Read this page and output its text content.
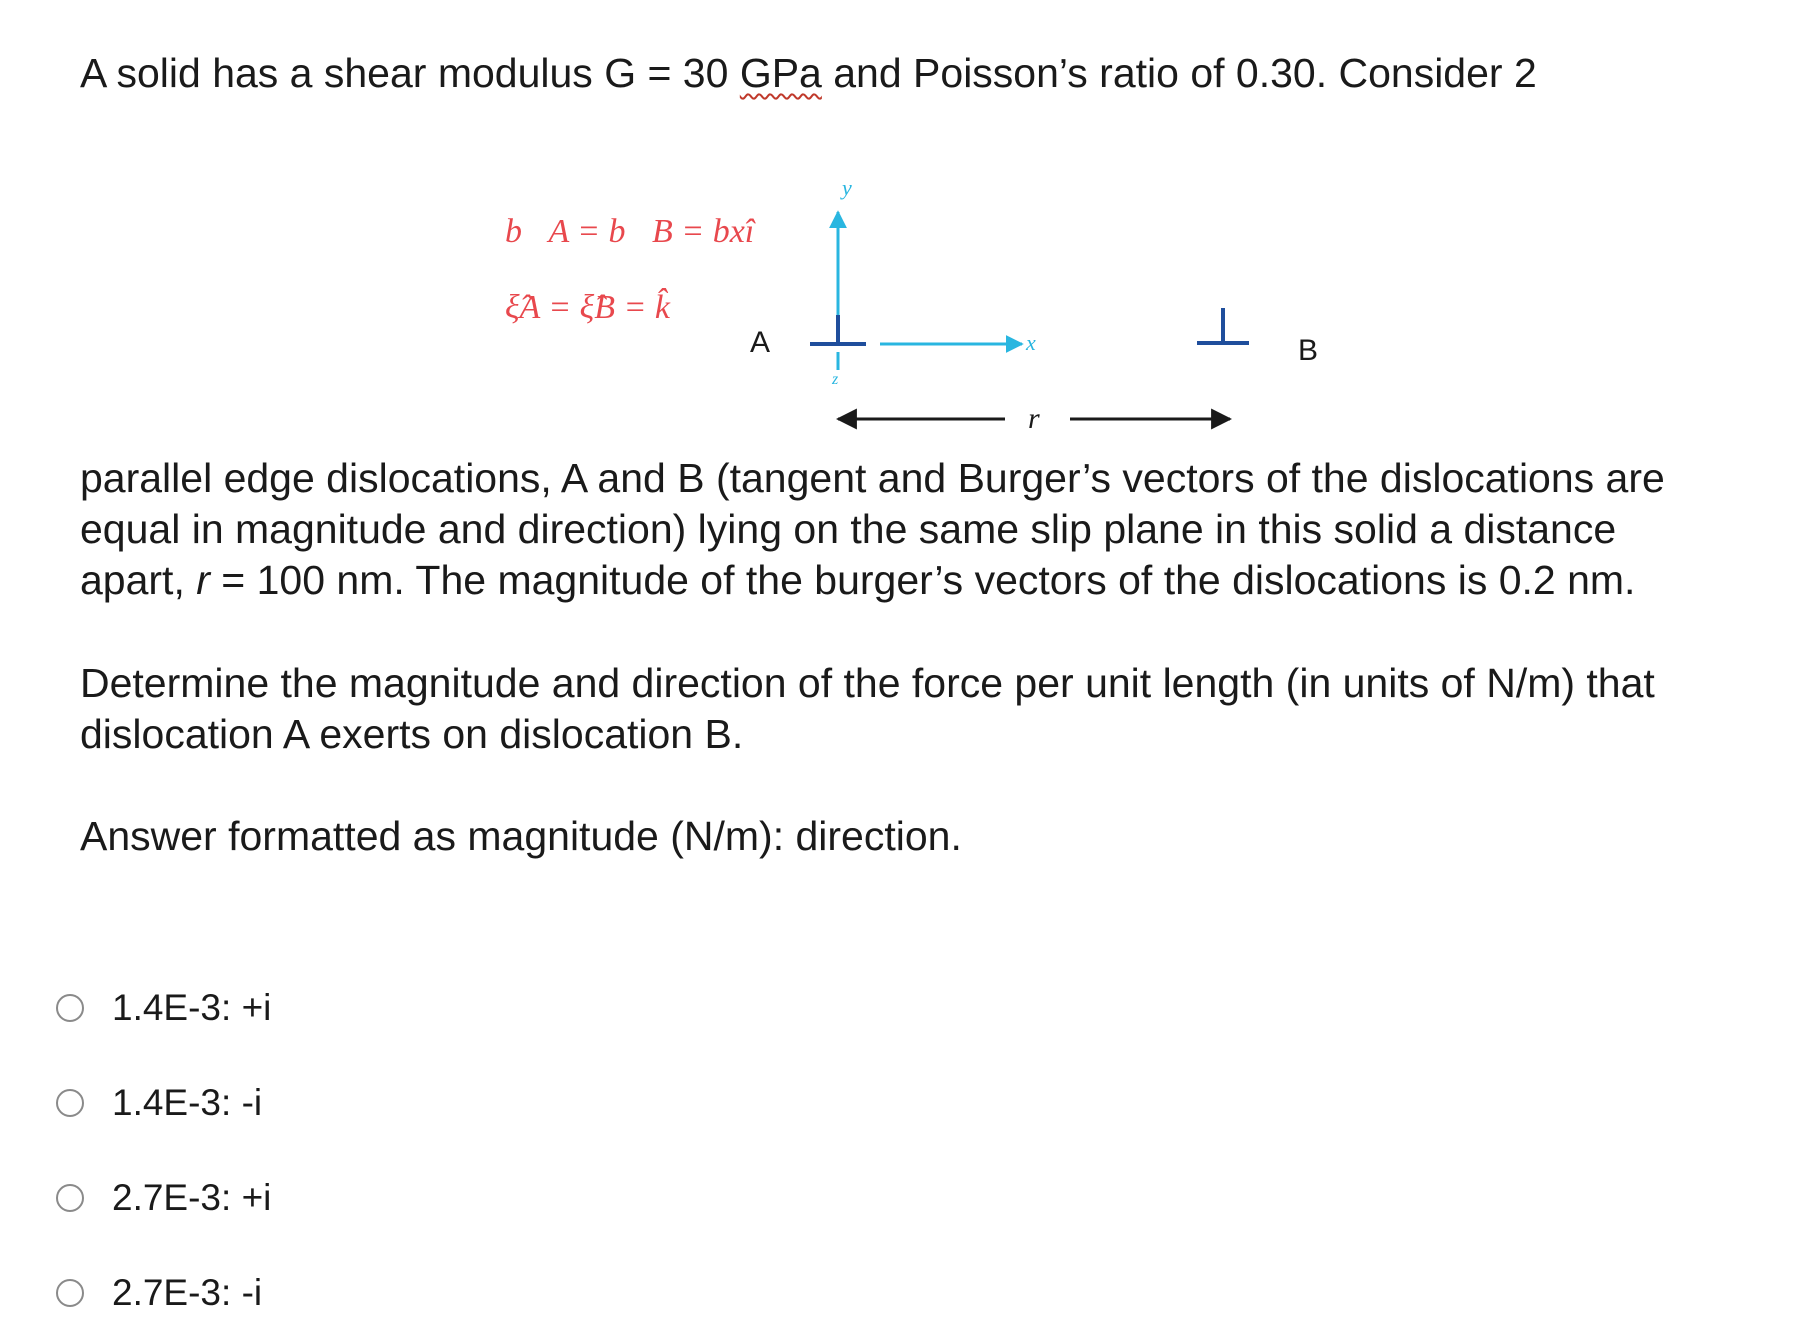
A solid has a shear modulus G = 30 GPa and Poisson’s ratio of 0.30. Consider 2

b⃗A = b⃗B = bxî
ξ̂A = ξ̂B = k̂
y
x
z
A	B
r

parallel edge dislocations, A and B (tangent and Burger’s vectors of the dislocations are

equal in magnitude and direction) lying on the same slip plane in this solid a distance

apart, r = 100 nm. The magnitude of the burger’s vectors of the dislocations is 0.2 nm.

Determine the magnitude and direction of the force per unit length (in units of N/m) that

dislocation A exerts on dislocation B.

Answer formatted as magnitude (N/m): direction.

1.4E-3: +i
1.4E-3: -i
2.7E-3: +i
2.7E-3: -i
